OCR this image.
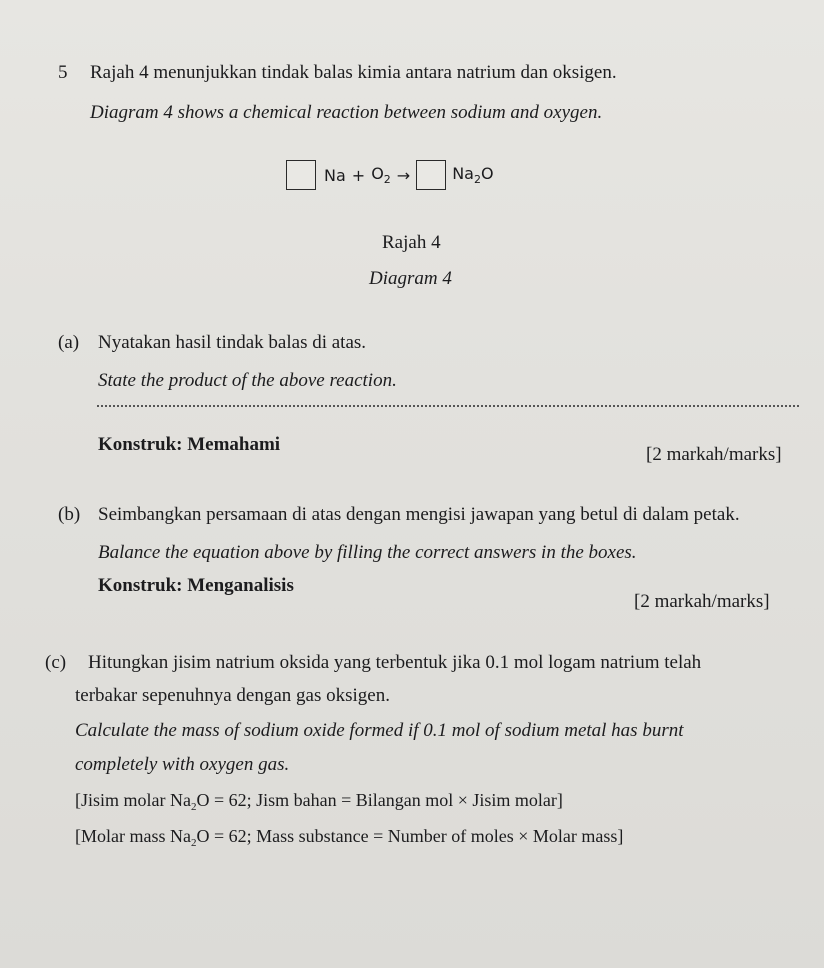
5 Rajah 4 menunjukkan tindak balas kimia antara natrium dan oksigen.
Diagram 4 shows a chemical reaction between sodium and oxygen.
$Na + O_2$ →	$Na_2O$
Rajah 4
Diagram 4
(a) Nyatakan hasil tindak balas di atas.
State the product of the above reaction.
Konstruk: Memahami	[2 markah/marks]
(b) Seimbangkan persamaan di atas dengan mengisi jawapan yang betul di dalam petak.
Balance the equation above by filling the correct answers in the boxes.
Konstruk: Menganalisis
[2 markah/marks]
(c) Hitungkan jisim natrium oksida yang terbentuk jika 0.1 mol logam natrium telah
terbakar sepenuhnya dengan gas oksigen.
Calculate the mass of sodium oxide formed if 0.1 mol of sodium metal has burnt
completely with oxygen gas.
[Jisim molar $Na_2O = 62$; Jism bahan = Bilangan mol × Jisim molar]
[Molar mass $Na_2O = 62$; Mass substance = Number of moles × Molar mass]
